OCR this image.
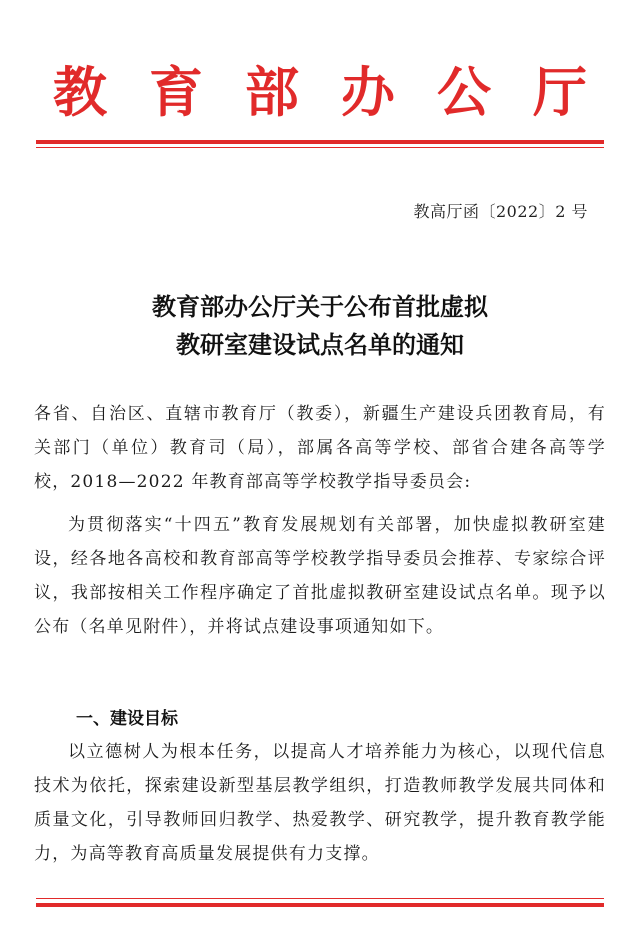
教 育 部 办 公 厅
教高厅函〔2022〕2 号
教育部办公厅关于公布首批虚拟
教研室建设试点名单的通知

各省、自治区、直辖市教育厅（教委），新疆生产建设兵团教育局，有关部门（单位）教育司（局），部属各高等学校、部省合建各高等学校，2018—2022 年教育部高等学校教学指导委员会:

为贯彻落实“十四五”教育发展规划有关部署，加快虚拟教研室建设，经各地各高校和教育部高等学校教学指导委员会推荐、专家综合评议，我部按相关工作程序确定了首批虚拟教研室建设试点名单。现予以公布（名单见附件），并将试点建设事项通知如下。

一、建设目标

以立德树人为根本任务，以提高人才培养能力为核心，以现代信息技术为依托，探索建设新型基层教学组织，打造教师教学发展共同体和质量文化，引导教师回归教学、热爱教学、研究教学，提升教育教学能力，为高等教育高质量发展提供有力支撑。
